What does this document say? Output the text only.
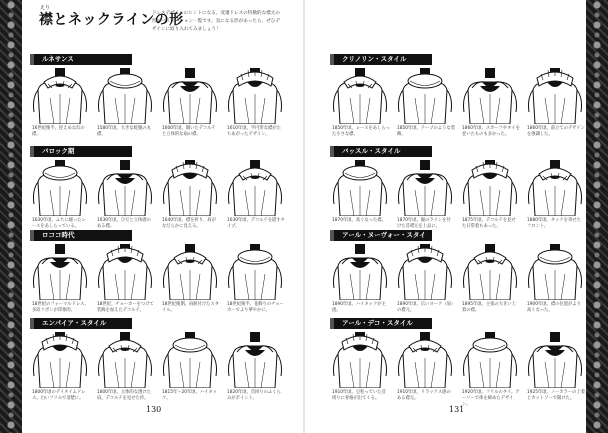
えり
襟とネックラインの形
ドレスデザインのヒントになる、変遷ドレスの特徴的な襟元の形のバリエーション一覧です。気になる形があったら、ぜひデザインに取り入れてみましょう！
ルネサンス
16世紀後半。控えめな幻の襟。
1580年頃。大きな蛇腹の丸襟。
1600年頃。開いたデコルテと立体的な扇の襟。
1610年頃。半円形な襟がたちあがったデザイン。
バロック期
1630年頃。ふちに縫ったレースをあしらっている。
1630年頃。ひだと立体感のある襟。
1640年頃。襟を折り、肩がなだらかに見える。
1630年頃。デコルテを隠すタイプ。
ロココ時代
18世紀のフォーマルドレス。多段リボンが印象的。
18世紀、チョーカーをつけて装飾を加えたデコルテ。
18世紀後期。肩紐付けたスタイル。
18世紀後半。花飾りのチョーカーでより華やかに。
エンパイア・スタイル
1800年頃のデイタイムドレス。白いフリルで清楚に。
1800年頃。立体的な透けた肩。デコルテを見せた衿。
1815年〜20年頃。ハイネック。
1820年頃。首回りのふくらみがポイント。
クリノリン・スタイル
1850年頃。レースをあしらった小さな襟。
1850年頃。テープのような装飾。
1860年頃。スカーフやタイを巻いたものも多かった。
1860年頃。前立てのデザインを強調した。
バッスル・スタイル
1870年頃。高くなった襟。	1870年頃。縦のラインを付けた首襟元を上品に。
1875年頃。デコルテを見せた日常着もあった。
1880年頃。タックを寄せたフロント。
アール・ヌーヴォー・スタイル
1890年頃。ハイネックが主流。
1890年頃。広いヨーク（肩）の襟元。
1895年頃。主張の大きい上着の襟。
1900年頃。襟の位置がより高くなった。
アール・デコ・スタイル
1910年頃。豆粒っていた首周りに骨格が出てくる。
1910年頃。リラックス感のある襟元。
1920年頃。フリルのタイ。アーリーで体を締めたデザイン。
1925年頃。ノーカラーの上着とカットソーで開けた。
130	131
